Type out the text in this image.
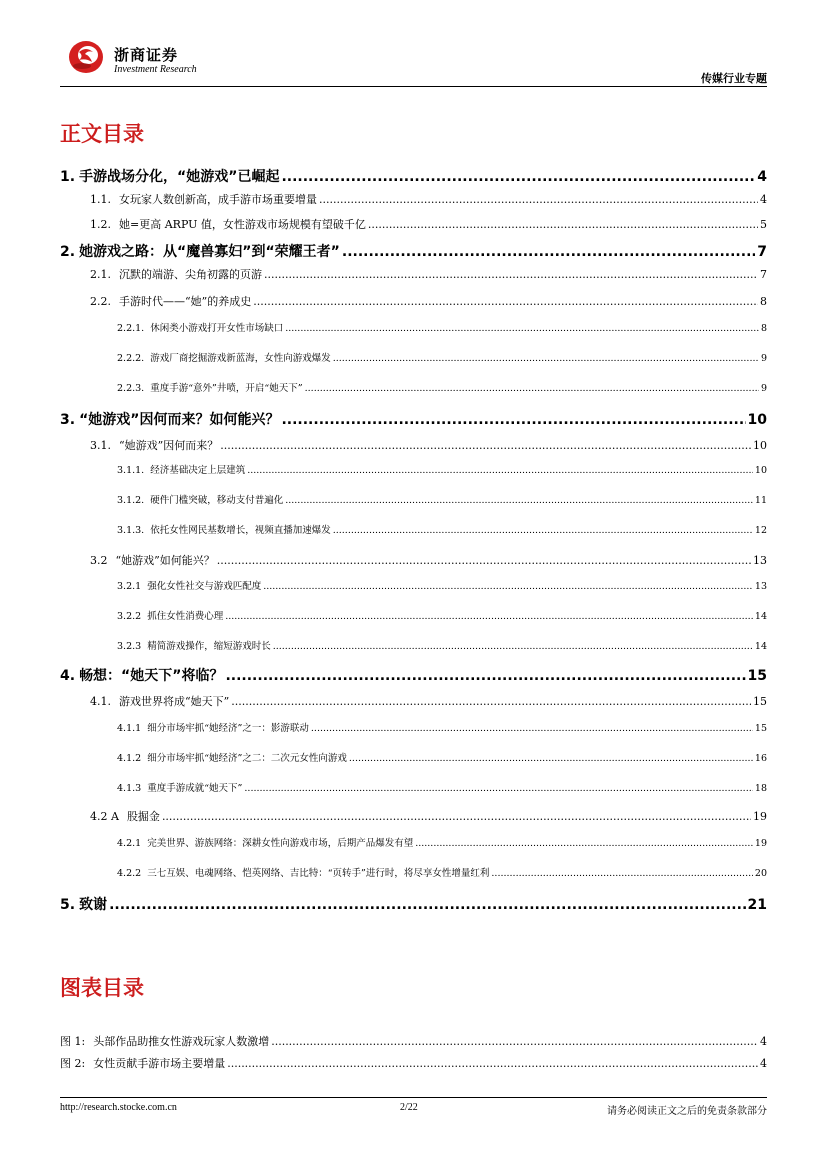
浙商证券
Investment Research
传媒行业专题
正文目录
1. 手游战场分化，“她游戏”已崛起 .....	4
1.1. 女玩家人数创新高，成手游市场重要增量 .....	4
1.2. 她=更高 ARPU 值，女性游戏市场规模有望破千亿 .....	5
2. 她游戏之路：从“魔兽寡妇”到“荣耀王者” .....	7
2.1. 沉默的端游、尖角初露的页游 .....	7
2.2. 手游时代——“她”的养成史 .....	8
2.2.1. 休闲类小游戏打开女性市场缺口 .....	8
2.2.2. 游戏厂商挖掘游戏新蓝海，女性向游戏爆发 .....	9
2.2.3. 重度手游“意外”井喷，开启“她天下” .....	9
3. “她游戏”因何而来？如何能兴？ .....	10
3.1. “她游戏”因何而来？ .....	10
3.1.1. 经济基础决定上层建筑 .....	10
3.1.2. 硬件门槛突破，移动支付普遍化 .....	11
3.1.3. 依托女性网民基数增长，视频直播加速爆发 .....	12
3.2 “她游戏”如何能兴？ .....	13
3.2.1 强化女性社交与游戏匹配度 .....	13
3.2.2 抓住女性消费心理 .....	14
3.2.3 精简游戏操作，缩短游戏时长 .....	14
4. 畅想：“她天下”将临？ .....	15
4.1. 游戏世界将成“她天下” .....	15
4.1.1 细分市场牢抓“她经济”之一：影游联动 .....	15
4.1.2 细分市场牢抓“她经济”之二：二次元女性向游戏 .....	16
4.1.3 重度手游成就“她天下” .....	18
4.2 A 股掘金 .....	19
4.2.1 完美世界、游族网络：深耕女性向游戏市场，后期产品爆发有望 .....	19
4.2.2 三七互娱、电魂网络、恺英网络、吉比特：“页转手”进行时，将尽享女性增量红利 .....	20
5. 致谢 .....	21
图表目录
图 1: 头部作品助推女性游戏玩家人数激增 .....	4
图 2: 女性贡献手游市场主要增量 .....	4
http://research.stocke.com.cn	2/22	请务必阅读正文之后的免责条款部分
